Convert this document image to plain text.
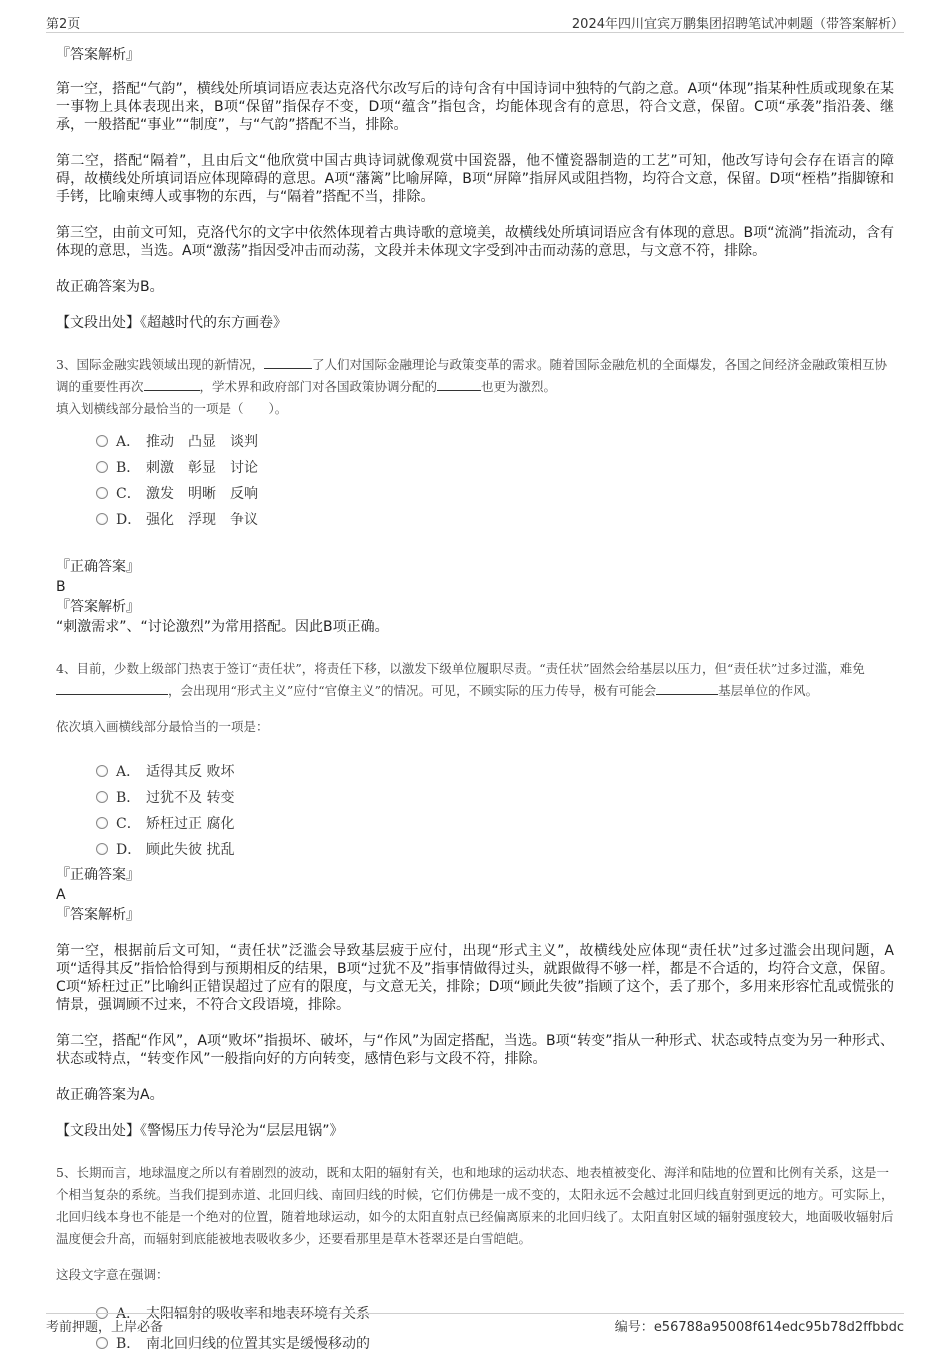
第2页	2024年四川宜宾万鹏集团招聘笔试冲刺题（带答案解析）
『答案解析』

第一空，搭配“气韵”，横线处所填词语应表达克洛代尔改写后的诗句含有中国诗词中独特的气韵之意。A项“体现”指某种性质或现象在某一事物上具体表现出来，B项“保留”指保存不变，D项“蕴含”指包含，均能体现含有的意思，符合文意，保留。C项“承袭”指沿袭、继承，一般搭配“事业”“制度”，与“气韵”搭配不当，排除。

第二空，搭配“隔着”，且由后文“他欣赏中国古典诗词就像观赏中国瓷器，他不懂瓷器制造的工艺”可知，他改写诗句会存在语言的障碍，故横线处所填词语应体现障碍的意思。A项“藩篱”比喻屏障，B项“屏障”指屏风或阻挡物，均符合文意，保留。D项“桎梏”指脚镣和手铐，比喻束缚人或事物的东西，与“隔着”搭配不当，排除。

第三空，由前文可知，克洛代尔的文字中依然体现着古典诗歌的意境美，故横线处所填词语应含有体现的意思。B项“流淌”指流动，含有体现的意思，当选。A项“激荡”指因受冲击而动荡，文段并未体现文字受到冲击而动荡的意思，与文意不符，排除。

故正确答案为B。

【文段出处】《超越时代的东方画卷》

3、国际金融实践领域出现的新情况，	了人们对国际金融理论与政策变革的需求。随着国际金融危机的全面爆发，各国之间经济金融政策相互协调的重要性再次	，学术界和政府部门对各国政策协调分配的	也更为激烈。
填入划横线部分最恰当的一项是（　　）。
A． 推动 凸显 谈判
B． 刺激 彰显 讨论
C． 激发 明晰 反响
D． 强化 浮现 争议
『正确答案』
B
『答案解析』
“刺激需求”、“讨论激烈”为常用搭配。因此B项正确。
4、目前，少数上级部门热衷于签订“责任状”，将责任下移，以激发下级单位履职尽责。“责任状”固然会给基层以压力，但“责任状”过多过滥，难免，会出现用“形式主义”应付“官僚主义”的情况。可见，不顾实际的压力传导，极有可能会	基层单位的作风。
依次填入画横线部分最恰当的一项是：
A． 适得其反 败坏
B． 过犹不及 转变
C． 矫枉过正 腐化
D． 顾此失彼 扰乱
『正确答案』
A
『答案解析』

第一空，根据前后文可知，“责任状”泛滥会导致基层疲于应付，出现“形式主义”，故横线处应体现“责任状”过多过滥会出现问题，A项“适得其反”指恰恰得到与预期相反的结果，B项“过犹不及”指事情做得过头，就跟做得不够一样，都是不合适的，均符合文意，保留。C项“矫枉过正”比喻纠正错误超过了应有的限度，与文意无关，排除；D项“顾此失彼”指顾了这个，丢了那个，多用来形容忙乱或慌张的情景，强调顾不过来，不符合文段语境，排除。

第二空，搭配“作风”，A项“败坏”指损坏、破坏，与“作风”为固定搭配，当选。B项“转变”指从一种形式、状态或特点变为另一种形式、状态或特点，“转变作风”一般指向好的方向转变，感情色彩与文段不符，排除。

故正确答案为A。

【文段出处】《警惕压力传导沦为“层层甩锅”》

5、长期而言，地球温度之所以有着剧烈的波动，既和太阳的辐射有关，也和地球的运动状态、地表植被变化、海洋和陆地的位置和比例有关系，这是一个相当复杂的系统。当我们提到赤道、北回归线、南回归线的时候，它们仿佛是一成不变的，太阳永远不会越过北回归线直射到更远的地方。可实际上，北回归线本身也不能是一个绝对的位置，随着地球运动，如今的太阳直射点已经偏离原来的北回归线了。太阳直射区域的辐射强度较大，地面吸收辐射后温度便会升高，而辐射到底能被地表吸收多少，还要看那里是草木苍翠还是白雪皑皑。
这段文字意在强调：
A． 太阳辐射的吸收率和地表环境有关系
B． 南北回归线的位置其实是缓慢移动的
考前押题，上岸必备	编号：e56788a95008f614edc95b78d2ffbbdc
